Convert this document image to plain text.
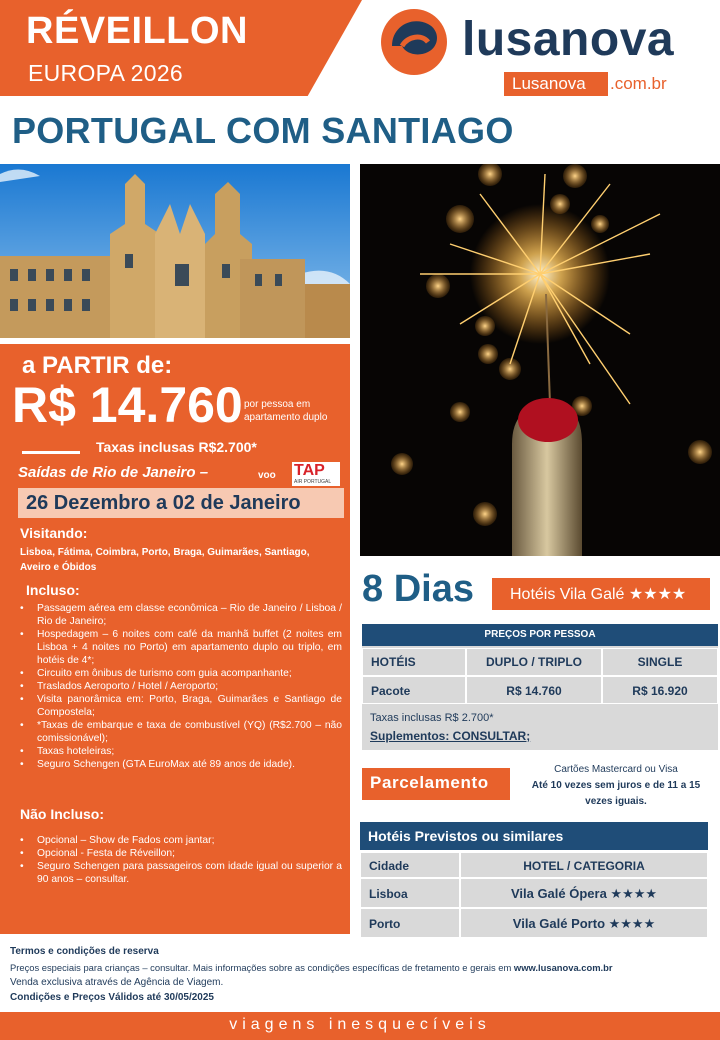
RÉVEILLON
EUROPA 2026
lusanova
Lusanova .com.br
PORTUGAL COM SANTIAGO
a PARTIR de:
R$ 14.760 por pessoa em apartamento duplo
Taxas inclusas R$2.700*
Saídas de Rio de Janeiro –	voo TAP
AIR PORTUGAL
26 Dezembro a 02 de Janeiro
Visitando:
Lisboa, Fátima, Coimbra, Porto, Braga, Guimarães, Santiago, Aveiro e Óbidos
Incluso:
• Passagem aérea em classe econômica – Rio de Janeiro / Lisboa / Rio de Janeiro;
• Hospedagem – 6 noites com café da manhã buffet (2 noites em Lisboa + 4 noites no Porto) em apartamento duplo ou triplo, em hotéis de 4*;
• Circuito em ônibus de turismo com guia acompanhante;
• Traslados Aeroporto / Hotel / Aeroporto;
• Visita panorâmica em: Porto, Braga, Guimarães e Santiago de Compostela;
• *Taxas de embarque e taxa de combustível (YQ) (R$2.700 – não comissionável);
• Taxas hoteleiras;
• Seguro Schengen (GTA EuroMax até 89 anos de idade).
Não Incluso:
• Opcional – Show de Fados com jantar;
• Opcional - Festa de Réveillon;
• Seguro Schengen para passageiros com idade igual ou superior a 90 anos – consultar.
8 Dias Hotéis Vila Galé ★★★★
PREÇOS POR PESSOA
HOTÉIS	DUPLO / TRIPLO	SINGLE
Pacote	R$ 14.760	R$ 16.920
Taxas inclusas R$ 2.700*
Suplementos: CONSULTAR;
Parcelamento
Cartões Mastercard ou Visa
Até 10 vezes sem juros e de 11 a 15
vezes iguais.
Hotéis Previstos ou similares
Cidade	HOTEL / CATEGORIA
Lisboa	Vila Galé Ópera ★★★★
Porto	Vila Galé Porto ★★★★
Termos e condições de reserva
Preços especiais para crianças – consultar. Mais informações sobre as condições específicas de fretamento e gerais em www.lusanova.com.br
Venda exclusiva através de Agência de Viagem.
Condições e Preços Válidos até 30/05/2025
viagens inesquecíveis
